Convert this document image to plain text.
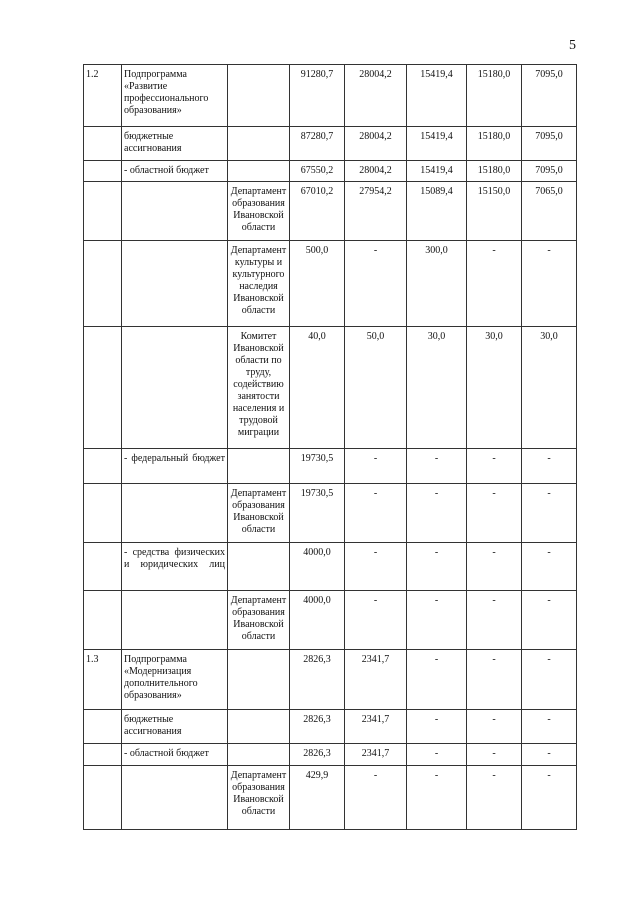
5
1.2	Подпрограмма «Развитие профессионального образования»		91280,7	28004,2	15419,4	15180,0	7095,0
	бюджетные ассигнования		87280,7	28004,2	15419,4	15180,0	7095,0
	- областной бюджет		67550,2	28004,2	15419,4	15180,0	7095,0
		Департамент образования Ивановской области	67010,2	27954,2	15089,4	15150,0	7065,0
		Департамент культуры и культурного наследия Ивановской области	500,0	-	300,0	-	-
		Комитет Ивановской области по труду, содействию занятости населения и трудовой миграции	40,0	50,0	30,0	30,0	30,0
	- федеральный бюджет		19730,5	-	-	-	-
		Департамент образования Ивановской области	19730,5	-	-	-	-
	- средства физических и юридических лиц		4000,0	-	-	-	-
		Департамент образования Ивановской области	4000,0	-	-	-	-
1.3	Подпрограмма «Модернизация дополнительного образования»		2826,3	2341,7	-	-	-
	бюджетные ассигнования		2826,3	2341,7	-	-	-
	- областной бюджет		2826,3	2341,7	-	-	-
		Департамент образования Ивановской области	429,9	-	-	-	-
